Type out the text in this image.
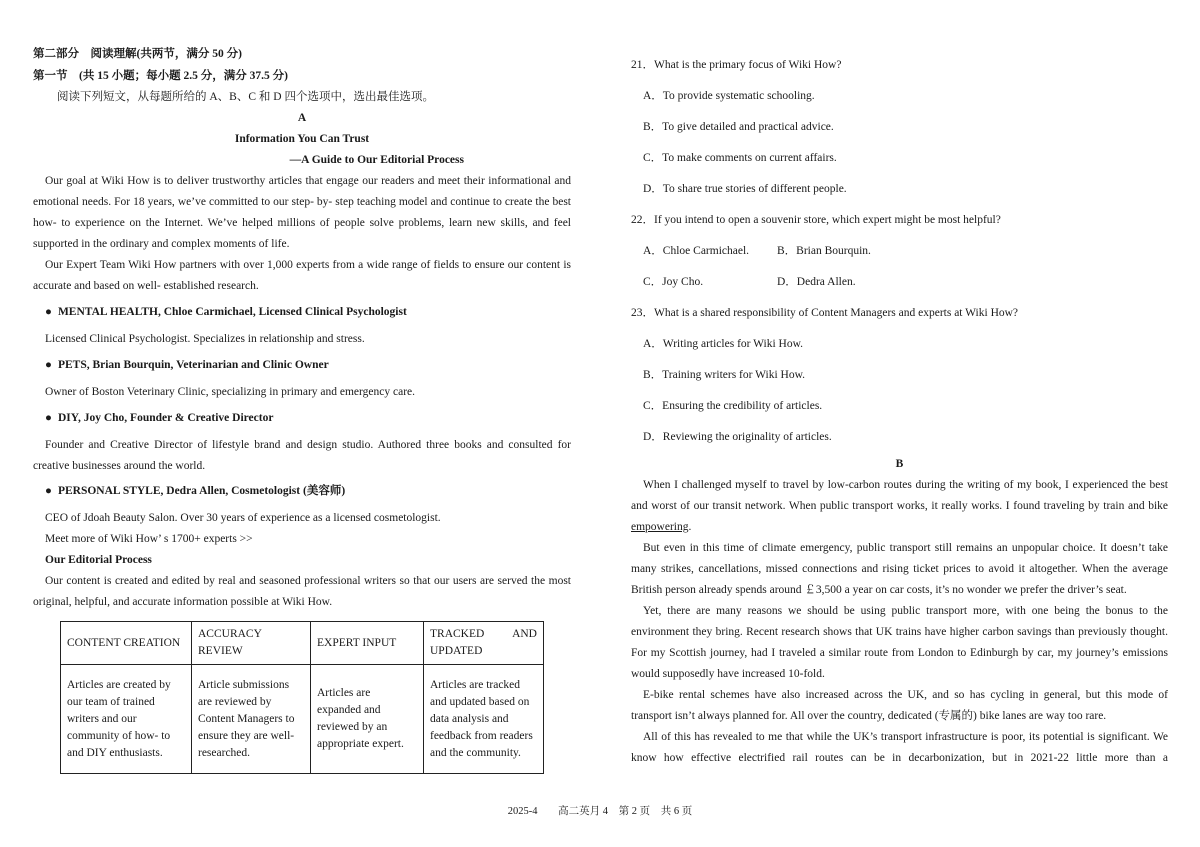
第二部分　阅读理解(共两节，满分 50 分)

第一节　(共 15 小题；每小题 2.5 分，满分 37.5 分)

阅读下列短文，从每题所给的 A、B、C 和 D 四个选项中，选出最佳选项。

A

Information You Can Trust

—A Guide to Our Editorial Process

Our goal at Wiki How is to deliver trustworthy articles that engage our readers and meet their informational and emotional needs. For 18 years, we’ve committed to our step- by- step teaching model and continue to create the best how- to experience on the Internet. We’ve helped millions of people solve problems, learn new skills, and feel supported in the ordinary and complex moments of life.

Our Expert Team Wiki How partners with over 1,000 experts from a wide range of fields to ensure our content is accurate and based on well- established research.

● MENTAL HEALTH, Chloe Carmichael, Licensed Clinical Psychologist

Licensed Clinical Psychologist. Specializes in relationship and stress.

● PETS, Brian Bourquin, Veterinarian and Clinic Owner

Owner of Boston Veterinary Clinic, specializing in primary and emergency care.

● DIY, Joy Cho, Founder & Creative Director

Founder and Creative Director of lifestyle brand and design studio. Authored three books and consulted for creative businesses around the world.

● PERSONAL STYLE, Dedra Allen, Cosmetologist (美容师)

CEO of Jdoah Beauty Salon. Over 30 years of experience as a licensed cosmetologist.

Meet more of Wiki How’ s 1700+ experts >>

Our Editorial Process

Our content is created and edited by real and seasoned professional writers so that our users are served the most original, helpful, and accurate information possible at Wiki How.

CONTENT CREATION	ACCURACY REVIEW	EXPERT INPUT	TRACKED AND UPDATED
Articles are created by our team of trained writers and our community of how- to and DIY enthusiasts.	Article submissions are reviewed by Content Managers to ensure they are well- researched.	Articles are expanded and reviewed by an appropriate expert.	Articles are tracked and updated based on data analysis and feedback from readers and the community.

21．What is the primary focus of Wiki How?

A．To provide systematic schooling.

B．To give detailed and practical advice.

C．To make comments on current affairs.

D．To share true stories of different people.

22．If you intend to open a souvenir store, which expert might be most helpful?

A．Chloe Carmichael.	B．Brian Bourquin.

C．Joy Cho.	D．Dedra Allen.

23．What is a shared responsibility of Content Managers and experts at Wiki How?

A．Writing articles for Wiki How.

B．Training writers for Wiki How.

C．Ensuring the credibility of articles.

D．Reviewing the originality of articles.

B

When I challenged myself to travel by low-carbon routes during the writing of my book, I experienced the best and worst of our transit network. When public transport works, it really works. I found traveling by train and bike empowering.

But even in this time of climate emergency, public transport still remains an unpopular choice. It doesn’t take many strikes, cancellations, missed connections and rising ticket prices to avoid it altogether. When the average British person already spends around ￡3,500 a year on car costs, it’s no wonder we prefer the driver’s seat.

Yet, there are many reasons we should be using public transport more, with one being the bonus to the environment they bring. Recent research shows that UK trains have higher carbon savings than previously thought. For my Scottish journey, had I traveled a similar route from London to Edinburgh by car, my journey’s emissions would supposedly have increased 10-fold.

E-bike rental schemes have also increased across the UK, and so has cycling in general, but this mode of transport isn’t always planned for. All over the country, dedicated (专属的) bike lanes are way too rare.

All of this has revealed to me that while the UK’s transport infrastructure is poor, its potential is significant. We know how effective electrified rail routes can be in decarbonization, but in 2021-22 little more than a

2025-4 高二英月 4 第 2 页 共 6 页
